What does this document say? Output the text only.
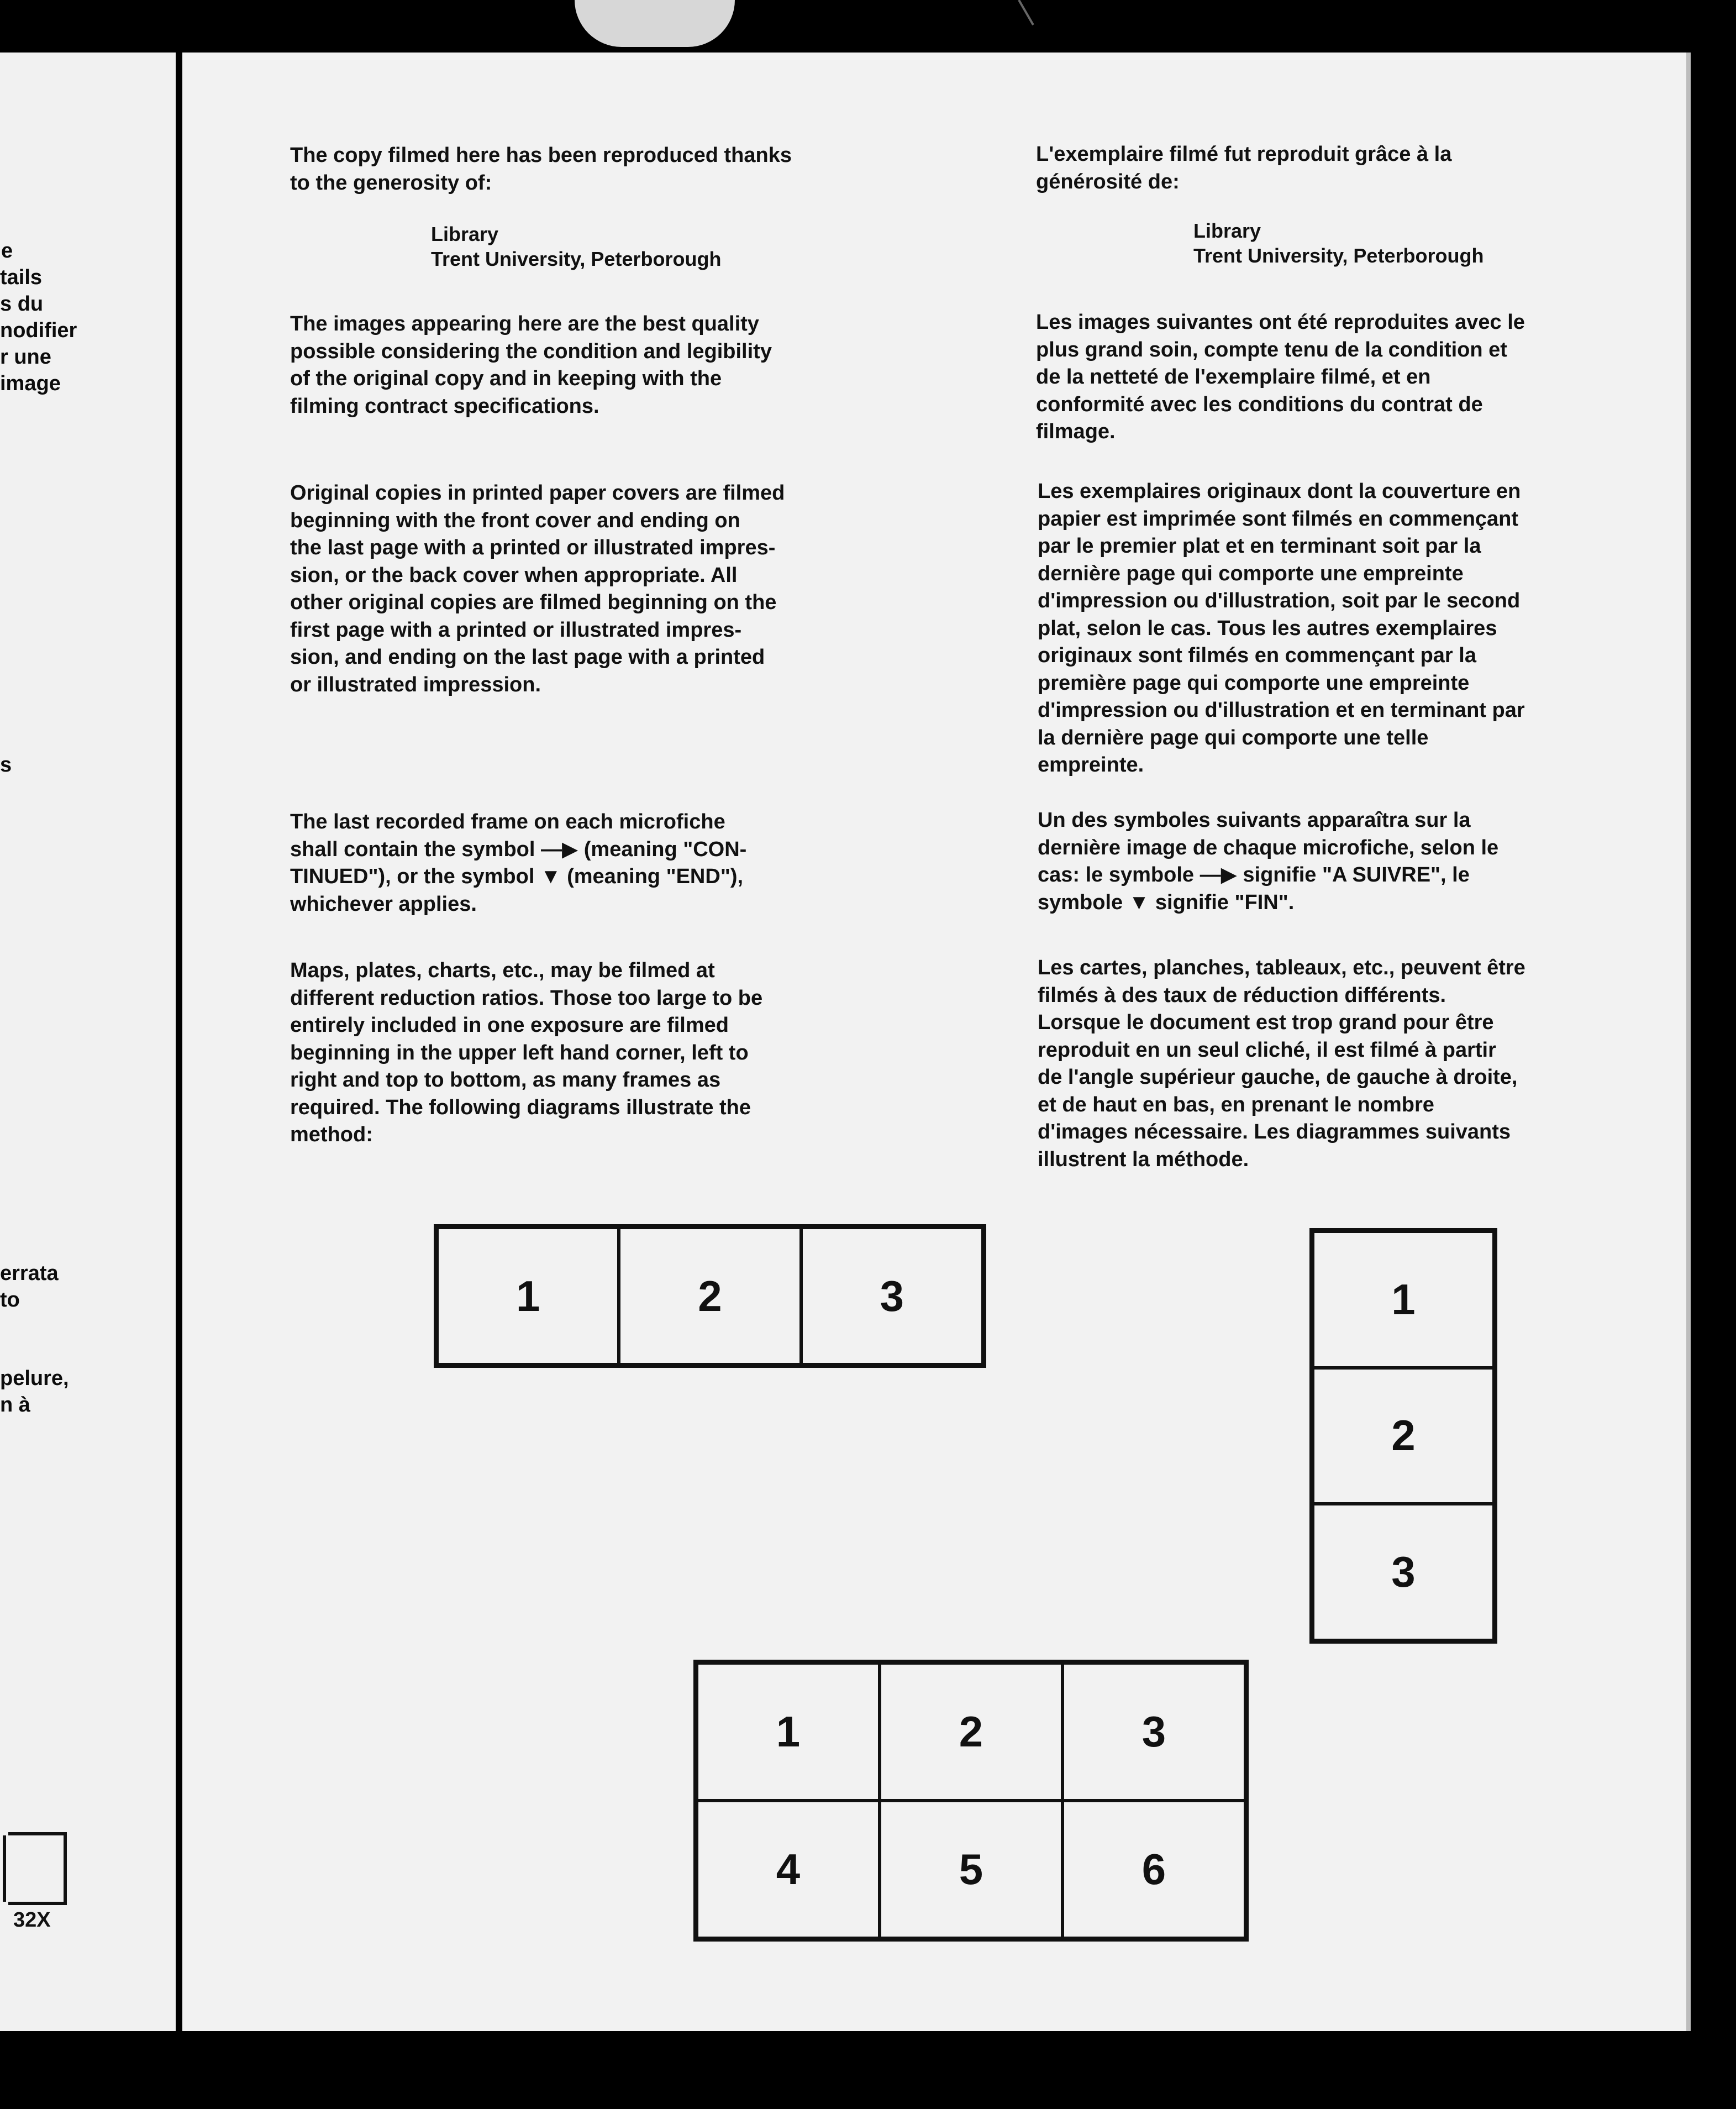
e
tails
s du
nodifier
r une
image
s
errata
to
pelure,
n à
32X

The copy filmed here has been reproduced thanks
to the generosity of:

Library
Trent University, Peterborough

The images appearing here are the best quality
possible considering the condition and legibility
of the original copy and in keeping with the
filming contract specifications.

Original copies in printed paper covers are filmed
beginning with the front cover and ending on
the last page with a printed or illustrated impres-
sion, or the back cover when appropriate. All
other original copies are filmed beginning on the
first page with a printed or illustrated impres-
sion, and ending on the last page with a printed
or illustrated impression.

The last recorded frame on each microfiche
shall contain the symbol —▶ (meaning "CON-
TINUED"), or the symbol ▼ (meaning "END"),
whichever applies.

Maps, plates, charts, etc., may be filmed at
different reduction ratios. Those too large to be
entirely included in one exposure are filmed
beginning in the upper left hand corner, left to
right and top to bottom, as many frames as
required. The following diagrams illustrate the
method:

L'exemplaire filmé fut reproduit grâce à la
générosité de:

Library
Trent University, Peterborough

Les images suivantes ont été reproduites avec le
plus grand soin, compte tenu de la condition et
de la netteté de l'exemplaire filmé, et en
conformité avec les conditions du contrat de
filmage.

Les exemplaires originaux dont la couverture en
papier est imprimée sont filmés en commençant
par le premier plat et en terminant soit par la
dernière page qui comporte une empreinte
d'impression ou d'illustration, soit par le second
plat, selon le cas. Tous les autres exemplaires
originaux sont filmés en commençant par la
première page qui comporte une empreinte
d'impression ou d'illustration et en terminant par
la dernière page qui comporte une telle
empreinte.

Un des symboles suivants apparaîtra sur la
dernière image de chaque microfiche, selon le
cas: le symbole —▶ signifie "A SUIVRE", le
symbole ▼ signifie "FIN".

Les cartes, planches, tableaux, etc., peuvent être
filmés à des taux de réduction différents.
Lorsque le document est trop grand pour être
reproduit en un seul cliché, il est filmé à partir
de l'angle supérieur gauche, de gauche à droite,
et de haut en bas, en prenant le nombre
d'images nécessaire. Les diagrammes suivants
illustrent la méthode.

1	2	3	1
2
3
1	2	3
4	5	6
